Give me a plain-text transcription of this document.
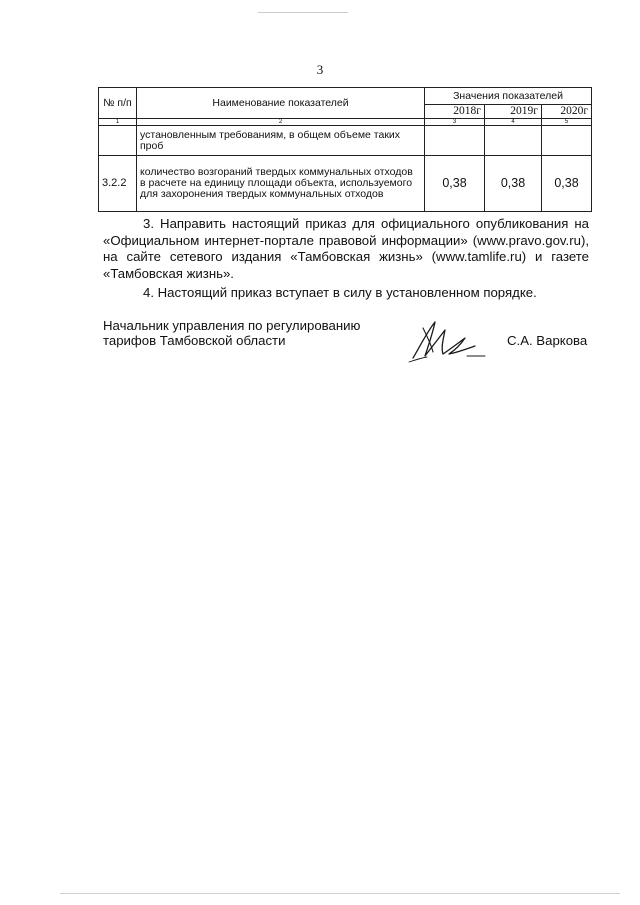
3
№ п/п	Наименование показателей	Значения показателей		
		2018г	2019г	2020г
1	2	3	4	5
	установленным требованиям, в общем объеме таких проб			
3.2.2	количество возгораний твердых коммунальных отходов в расчете на единицу площади объекта, используемого для захоронения твердых коммунальных отходов	0,38	0,38	0,38
3. Направить настоящий приказ для официального опубликования на «Официальном интернет-портале правовой информации» (www.pravo.gov.ru), на сайте сетевого издания «Тамбовская жизнь» (www.tamlife.ru) и газете «Тамбовская жизнь».
4. Настоящий приказ вступает в силу в установленном порядке.
Начальник управления по регулированию
тарифов Тамбовской области	С.А. Варкова
